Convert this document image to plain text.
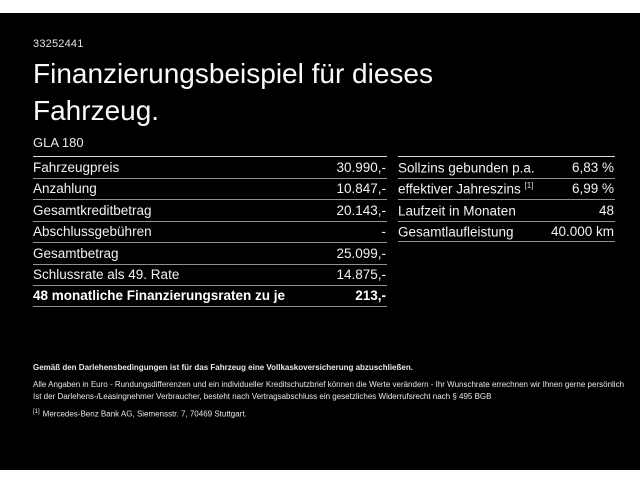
33252441
Finanzierungsbeispiel für dieses
Fahrzeug.
GLA 180
Fahrzeugpreis	30.990,-
Anzahlung	10.847,-
Gesamtkreditbetrag	20.143,-
Abschlussgebühren	-
Gesamtbetrag	25.099,-
Schlussrate als 49. Rate	14.875,-
48 monatliche Finanzierungsraten zu je	213,-
Sollzins gebunden p.a.	6,83 %
effektiver Jahreszins [1]	6,99 %
Laufzeit in Monaten	48
Gesamtlaufleistung	40.000 km
Gemäß den Darlehensbedingungen ist für das Fahrzeug eine Vollkaskoversicherung abzuschließen.
Alle Angaben in Euro - Rundungsdifferenzen und ein individueller Kreditschutzbrief können die Werte verändern - Ihr Wunschrate errechnen wir Ihnen gerne persönlich
Ist der Darlehens-/Leasingnehmer Verbraucher, besteht nach Vertragsabschluss ein gesetzliches Widerrufsrecht nach § 495 BGB
[1] Mercedes-Benz Bank AG, Siemensstr. 7, 70469 Stuttgart.
